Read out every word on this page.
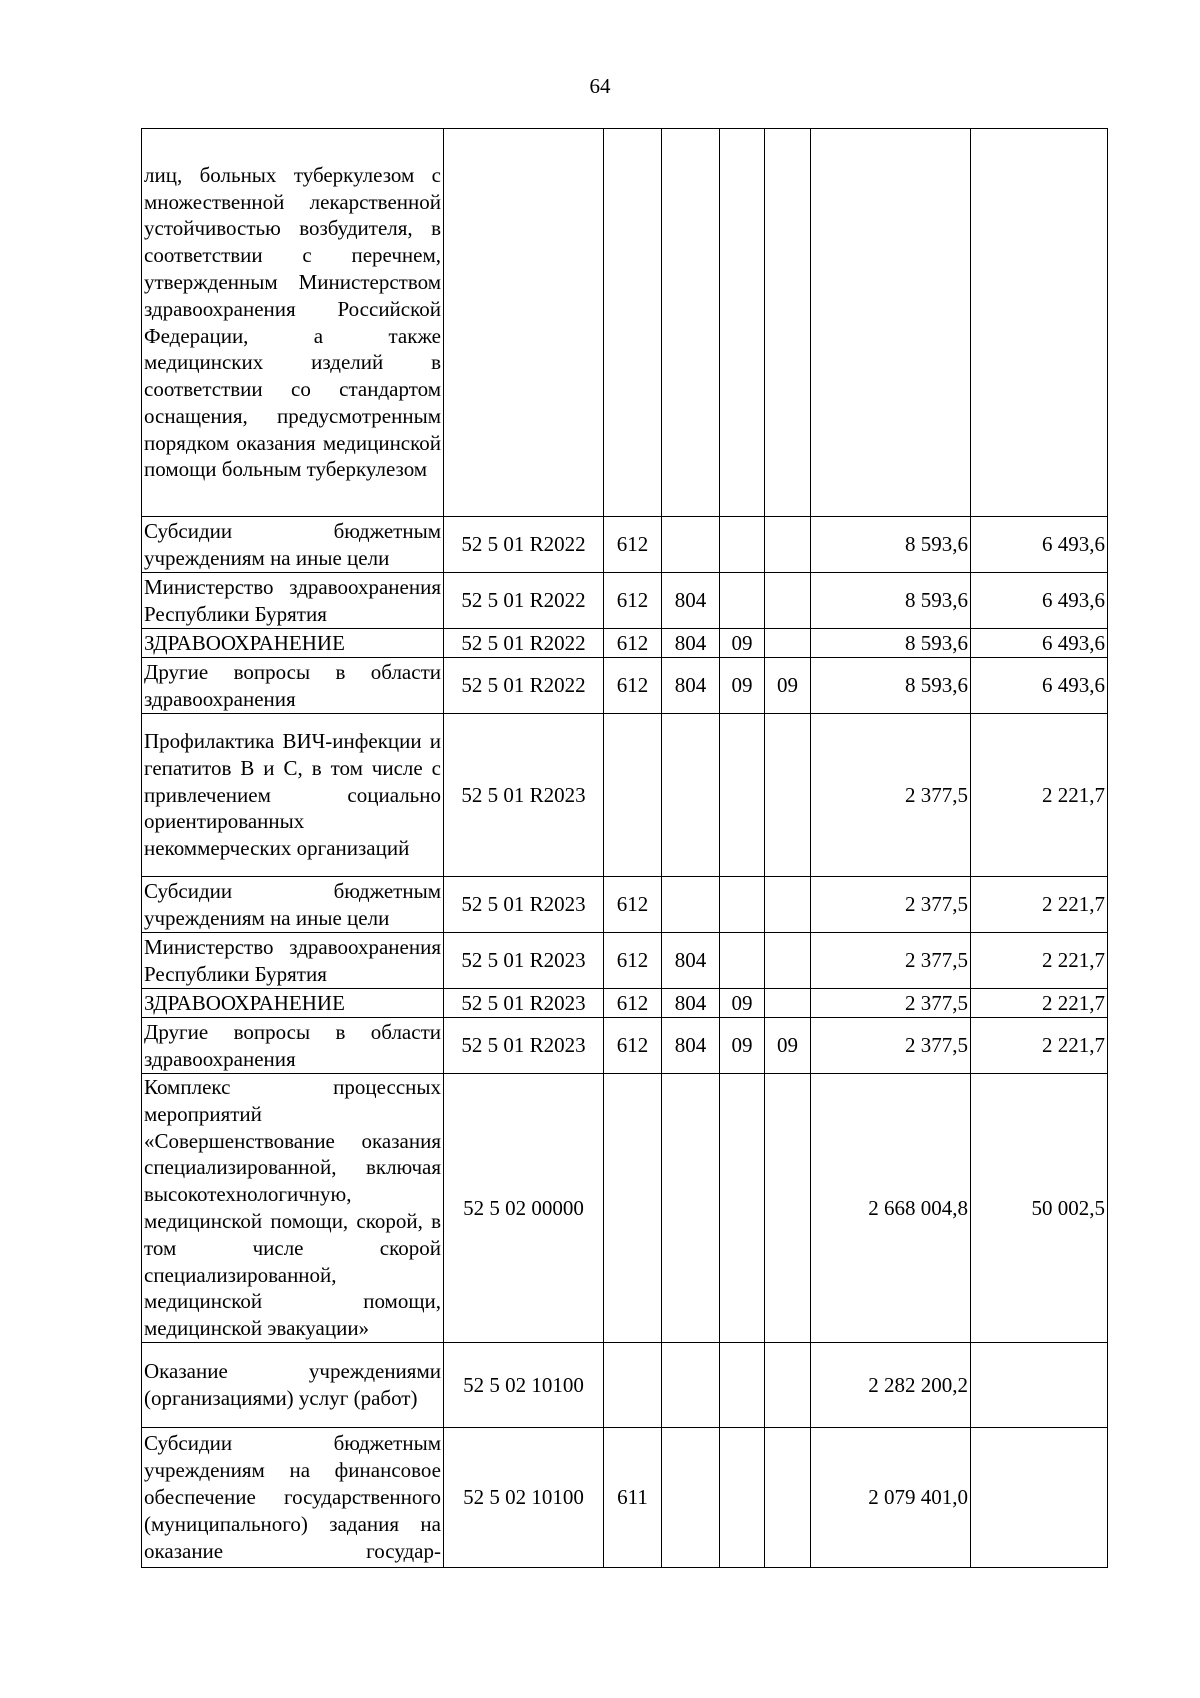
64
лиц, больных туберкулезом с множественной лекарственной устойчивостью возбудителя, в соответствии с перечнем, утвержденным Министерством здравоохранения Российской Федерации, а также медицинских изделий в соответствии со стандартом оснащения, предусмотренным порядком оказания медицинской помощи больным туберкулезом							
Субсидии бюджетным учреждениям на иные цели	52 5 01 R2022	612				8 593,6	6 493,6
Министерство здравоохранения Республики Бурятия	52 5 01 R2022	612	804			8 593,6	6 493,6
ЗДРАВООХРАНЕНИЕ	52 5 01 R2022	612	804	09		8 593,6	6 493,6
Другие вопросы в области здравоохранения	52 5 01 R2022	612	804	09	09	8 593,6	6 493,6
Профилактика ВИЧ-инфекции и гепатитов B и C, в том числе с привлечением социально ориентированных некоммерческих организаций	52 5 01 R2023					2 377,5	2 221,7
Субсидии бюджетным учреждениям на иные цели	52 5 01 R2023	612				2 377,5	2 221,7
Министерство здравоохранения Республики Бурятия	52 5 01 R2023	612	804			2 377,5	2 221,7
ЗДРАВООХРАНЕНИЕ	52 5 01 R2023	612	804	09		2 377,5	2 221,7
Другие вопросы в области здравоохранения	52 5 01 R2023	612	804	09	09	2 377,5	2 221,7
Комплекс процессных мероприятий «Совершенствование оказания специализированной, включая высокотехнологичную, медицинской помощи, скорой, в том числе скорой специализированной, медицинской помощи, медицинской эвакуации»	52 5 02 00000					2 668 004,8	50 002,5
Оказание учреждениями (организациями) услуг (работ)	52 5 02 10100					2 282 200,2	
Субсидии бюджетным учреждениям на финансовое обеспечение государственного (муниципального) задания на оказание государ-	52 5 02 10100	611				2 079 401,0	
